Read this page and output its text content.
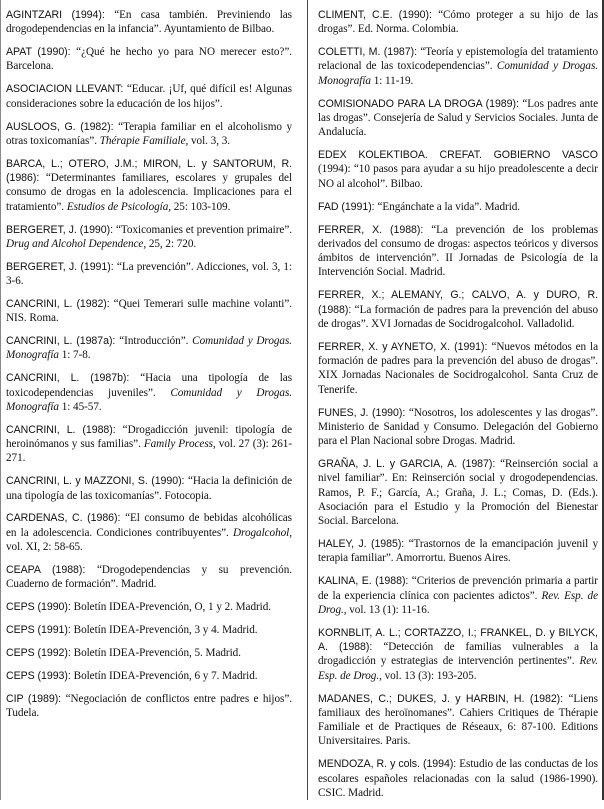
AGINTZARI (1994): “En casa también. Previniendo las drogodependencias en la infancia”. Ayuntamiento de Bilbao.

APAT (1990): “¿Qué he hecho yo para NO merecer esto?”. Barcelona.

ASOCIACION LLEVANT: “Educar. ¡Uf, qué difícil es! Algunas consideraciones sobre la educación de los hijos”.

AUSLOOS, G. (1982): “Terapia familiar en el alcoholismo y otras toxicomanías”. Thérapie Familiale, vol. 3, 3.

BARCA, L.; OTERO, J.M.; MIRON, L. y SANTORUM, R. (1986): “Determinantes familiares, escolares y grupales del consumo de drogas en la adolescencia. Implicaciones para el tratamiento”. Estudios de Psicología, 25: 103-109.

BERGERET, J. (1990): “Toxicomanies et prevention primaire”. Drug and Alcohol Dependence, 25, 2: 720.

BERGERET, J. (1991): “La prevención”. Adicciones, vol. 3, 1: 3-6.

CANCRINI, L. (1982): “Quei Temerari sulle machine volanti”. NIS. Roma.

CANCRINI, L. (1987a): “Introducción”. Comunidad y Drogas. Monografía 1: 7-8.

CANCRINI, L. (1987b): “Hacia una tipología de las toxicodependencias juveniles”. Comunidad y Drogas. Monografía 1: 45-57.

CANCRINI, L. (1988): “Drogadicción juvenil: tipología de heroinómanos y sus familias”. Family Process, vol. 27 (3): 261-271.

CANCRINI, L. y MAZZONI, S. (1990): “Hacia la definición de una tipología de las toxicomanías”. Fotocopia.

CARDENAS, C. (1986): “El consumo de bebidas alcohólicas en la adolescencia. Condiciones contribuyentes”. Drogalcohol, vol. XI, 2: 58-65.

CEAPA (1988): “Drogodependencias y su prevención. Cuaderno de formación”. Madrid.

CEPS (1990): Boletín IDEA-Prevención, O, 1 y 2. Madrid.

CEPS (1991): Boletín IDEA-Prevención, 3 y 4. Madrid.

CEPS (1992): Boletín IDEA-Prevención, 5. Madrid.

CEPS (1993): Boletín IDEA-Prevención, 6 y 7. Madrid.

CIP (1989): “Negociación de conflictos entre padres e hijos”. Tudela.

CLIMENT, C.E. (1990): “Cómo proteger a su hijo de las drogas”. Ed. Norma. Colombia.

COLETTI, M. (1987): “Teoría y epistemología del tratamiento relacional de las toxicodependencias”. Comunidad y Drogas. Monografía 1: 11-19.

COMISIONADO PARA LA DROGA (1989): “Los padres ante las drogas”. Consejería de Salud y Servicios Sociales. Junta de Andalucía.

EDEX KOLEKTIBOA. CREFAT. GOBIERNO VASCO (1994): “10 pasos para ayudar a su hijo preadolescente a decir NO al alcohol”. Bilbao.

FAD (1991): “Engánchate a la vida”. Madrid.

FERRER, X. (1988): “La prevención de los problemas derivados del consumo de drogas: aspectos teóricos y diversos ámbitos de intervención”. II Jornadas de Psicología de la Intervención Social. Madrid.

FERRER, X.; ALEMANY, G.; CALVO, A. y DURO, R. (1988): “La formación de padres para la prevención del abuso de drogas”. XVI Jornadas de Socidrogalcohol. Valladolid.

FERRER, X. y AYNETO, X. (1991): “Nuevos métodos en la formación de padres para la prevención del abuso de drogas”. XIX Jornadas Nacionales de Socidrogalcohol. Santa Cruz de Tenerife.

FUNES, J. (1990): “Nosotros, los adolescentes y las drogas”. Ministerio de Sanidad y Consumo. Delegación del Gobierno para el Plan Nacional sobre Drogas. Madrid.

GRAÑA, J. L. y GARCIA, A. (1987): “Reinserción social a nivel familiar”. En: Reinserción social y drogodependencias. Ramos, P. F.; García, A.; Graña, J. L.; Comas, D. (Eds.). Asociación para el Estudio y la Promoción del Bienestar Social. Barcelona.

HALEY, J. (1985): “Trastornos de la emancipación juvenil y terapia familiar”. Amorrortu. Buenos Aires.

KALINA, E. (1988): “Criterios de prevención primaria a partir de la experiencia clínica con pacientes adictos”. Rev. Esp. de Drog., vol. 13 (1): 11-16.

KORNBLIT, A. L.; CORTAZZO, I.; FRANKEL, D. y BILYCK, A. (1988): “Detección de familias vulnerables a la drogadicción y estrategias de intervención pertinentes”. Rev. Esp. de Drog., vol. 13 (3): 193-205.

MADANES, C.; DUKES, J. y HARBIN, H. (1982): “Liens familiaux des heroïnomanes”. Cahiers Critiques de Thérapie Familiale et de Practiques de Réseaux, 6: 87-100. Editions Universitaires. Paris.

MENDOZA, R. y cols. (1994): Estudio de las conductas de los escolares españoles relacionadas con la salud (1986-1990). CSIC. Madrid.
